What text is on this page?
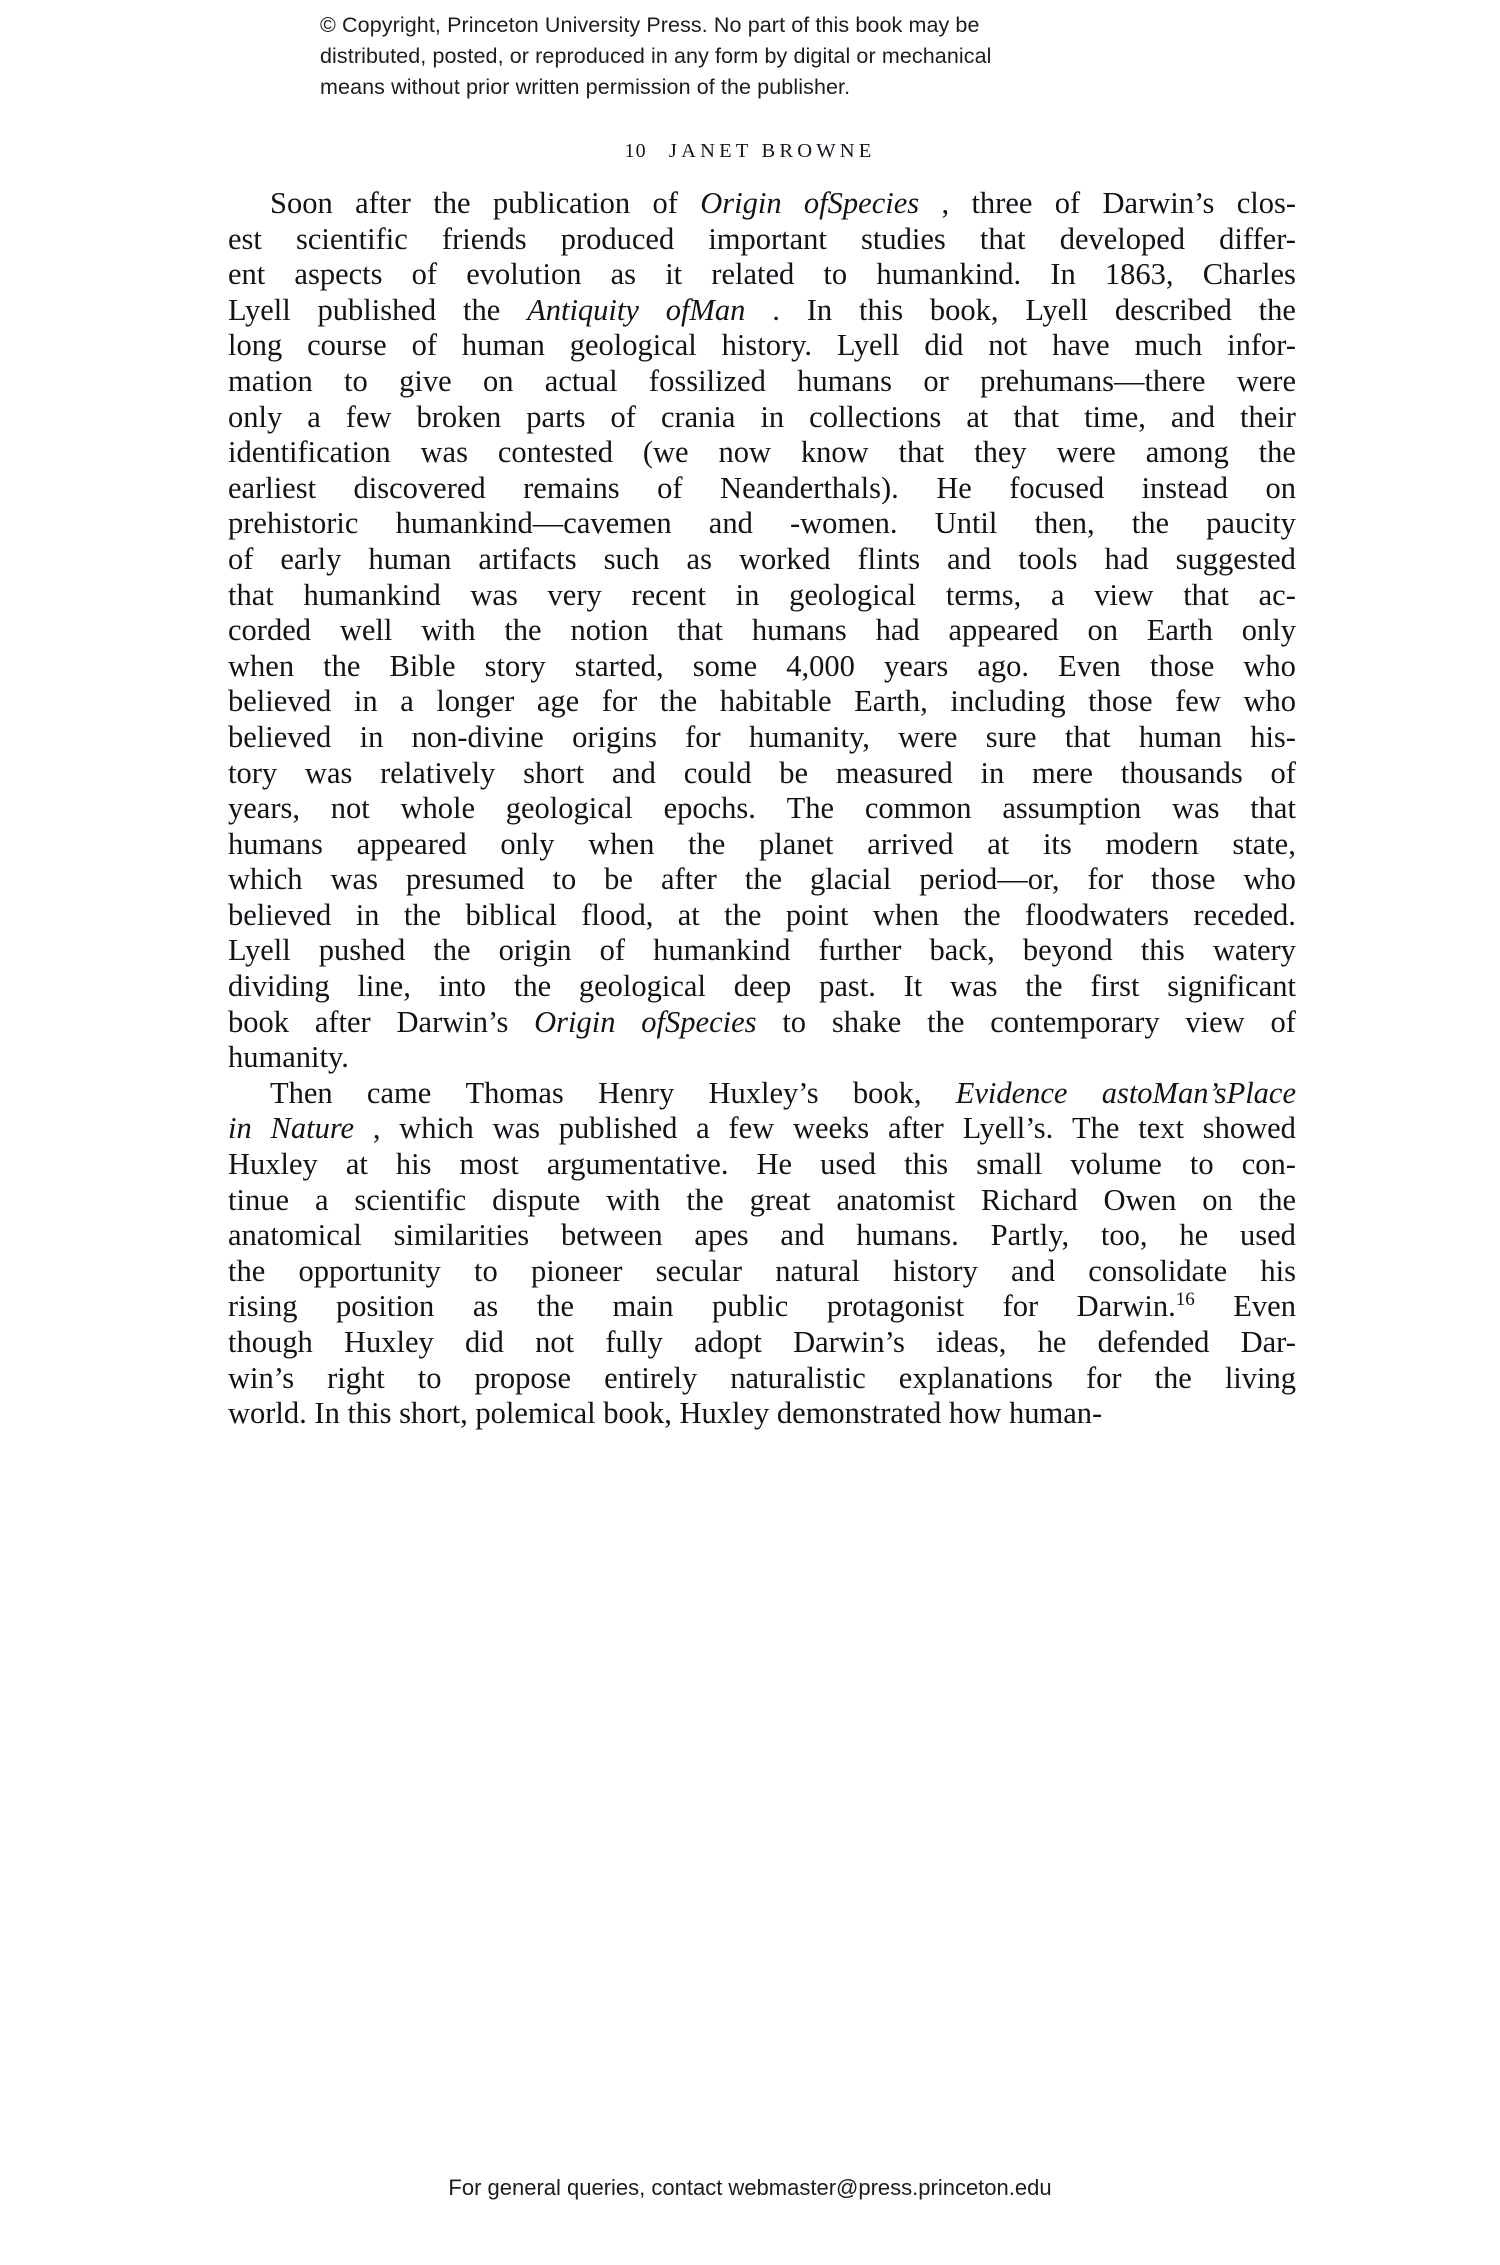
© Copyright, Princeton University Press. No part of this book may be
distributed, posted, or reproduced in any form by digital or mechanical
means without prior written permission of the publisher.
10 JANET BROWNE
Soon after the publication of Origin ofSpecies , three of Darwin’s clos-
est scientific friends produced important studies that developed differ-
ent aspects of evolution as it related to humankind. In 1863, Charles
Lyell published the Antiquity ofMan . In this book, Lyell described the
long course of human geological history. Lyell did not have much infor-
mation to give on actual fossilized humans or prehumans—there were
only a few broken parts of crania in collections at that time, and their
identification was contested (we now know that they were among the
earliest discovered remains of Neanderthals). He focused instead on
prehistoric humankind—cavemen and -women. Until then, the paucity
of early human artifacts such as worked flints and tools had suggested
that humankind was very recent in geological terms, a view that ac-
corded well with the notion that humans had appeared on Earth only
when the Bible story started, some 4,000 years ago. Even those who
believed in a longer age for the habitable Earth, including those few who
believed in non-divine origins for humanity, were sure that human his-
tory was relatively short and could be measured in mere thousands of
years, not whole geological epochs. The common assumption was that
humans appeared only when the planet arrived at its modern state,
which was presumed to be after the glacial period—or, for those who
believed in the biblical flood, at the point when the floodwaters receded.
Lyell pushed the origin of humankind further back, beyond this watery
dividing line, into the geological deep past. It was the first significant
book after Darwin’s Origin ofSpecies to shake the contemporary view of
humanity.
Then came Thomas Henry Huxley’s book, Evidence astoMan’sPlace
in Nature , which was published a few weeks after Lyell’s. The text showed
Huxley at his most argumentative. He used this small volume to con-
tinue a scientific dispute with the great anatomist Richard Owen on the
anatomical similarities between apes and humans. Partly, too, he used
the opportunity to pioneer secular natural history and consolidate his
rising position as the main public protagonist for Darwin.$^{16}$ Even
though Huxley did not fully adopt Darwin’s ideas, he defended Dar-
win’s right to propose entirely naturalistic explanations for the living
world. In this short, polemical book, Huxley demonstrated how human-
For general queries, contact webmaster@press.princeton.edu
